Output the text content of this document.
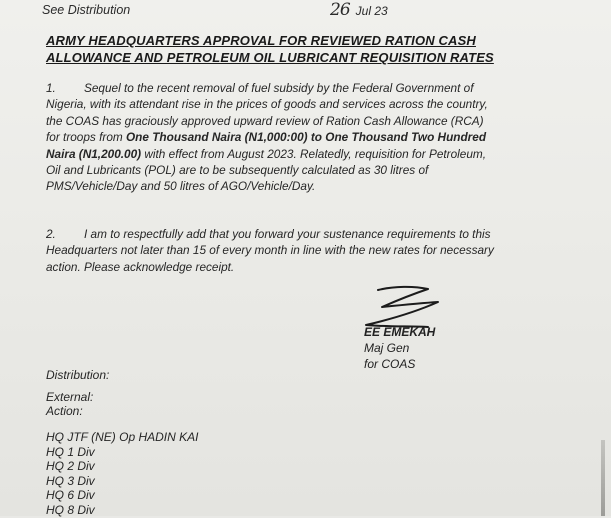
See Distribution	26 Jul 23
ARMY HEADQUARTERS APPROVAL FOR REVIEWED RATION CASH
ALLOWANCE AND PETROLEUM OIL LUBRICANT REQUISITION RATES
1. Sequel to the recent removal of fuel subsidy by the Federal Government of
Nigeria, with its attendant rise in the prices of goods and services across the country,
the COAS has graciously approved upward review of Ration Cash Allowance (RCA)
for troops from One Thousand Naira (N1,000:00) to One Thousand Two Hundred
Naira (N1,200.00) with effect from August 2023. Relatedly, requisition for Petroleum,
Oil and Lubricants (POL) are to be subsequently calculated as 30 litres of
PMS/Vehicle/Day and 50 litres of AGO/Vehicle/Day.
2. I am to respectfully add that you forward your sustenance requirements to this
Headquarters not later than 15 of every month in line with the new rates for necessary
action. Please acknowledge receipt.
EE EMEKAH
Maj Gen
for COAS
Distribution:
External:
Action:
HQ JTF (NE) Op HADIN KAI
HQ 1 Div
HQ 2 Div
HQ 3 Div
HQ 6 Div
HQ 8 Div
